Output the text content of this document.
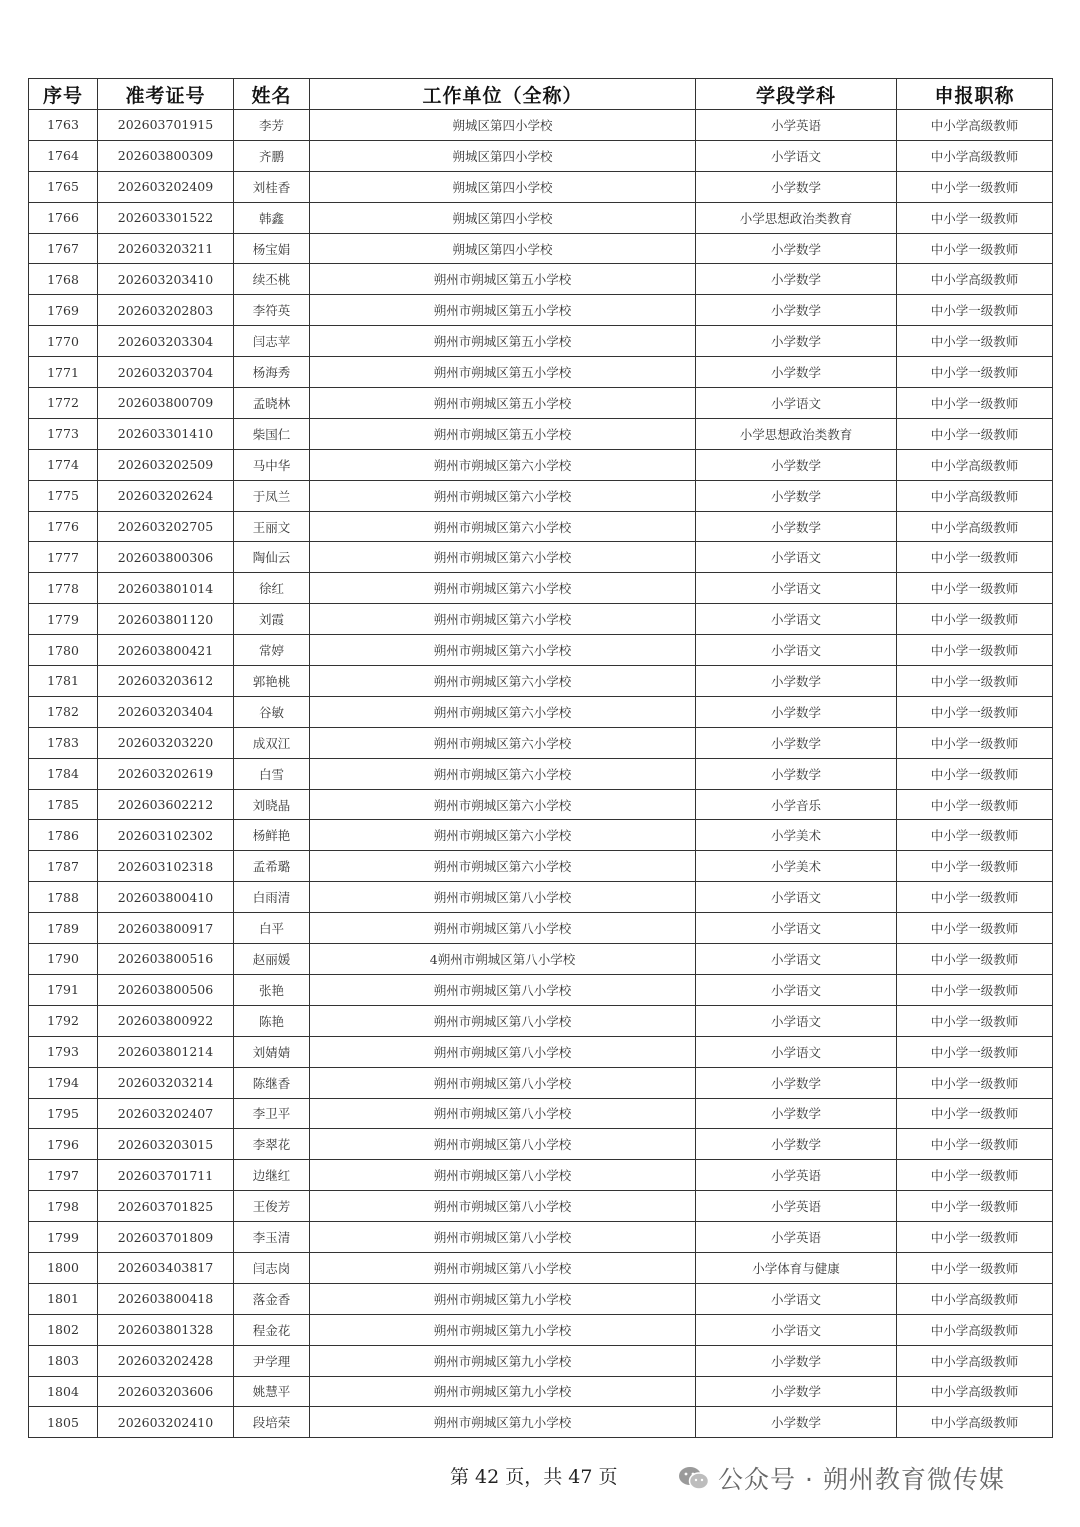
序号	准考证号	姓名	工作单位（全称）	学段学科	申报职称
1763	202603701915	李芳	朔城区第四小学校	小学英语	中小学高级教师
1764	202603800309	齐鹏	朔城区第四小学校	小学语文	中小学高级教师
1765	202603202409	刘桂香	朔城区第四小学校	小学数学	中小学一级教师
1766	202603301522	韩鑫	朔城区第四小学校	小学思想政治类教育	中小学一级教师
1767	202603203211	杨宝娟	朔城区第四小学校	小学数学	中小学一级教师
1768	202603203410	续丕桃	朔州市朔城区第五小学校	小学数学	中小学高级教师
1769	202603202803	李符英	朔州市朔城区第五小学校	小学数学	中小学一级教师
1770	202603203304	闫志苹	朔州市朔城区第五小学校	小学数学	中小学一级教师
1771	202603203704	杨海秀	朔州市朔城区第五小学校	小学数学	中小学一级教师
1772	202603800709	孟晓林	朔州市朔城区第五小学校	小学语文	中小学一级教师
1773	202603301410	柴国仁	朔州市朔城区第五小学校	小学思想政治类教育	中小学一级教师
1774	202603202509	马中华	朔州市朔城区第六小学校	小学数学	中小学高级教师
1775	202603202624	于凤兰	朔州市朔城区第六小学校	小学数学	中小学高级教师
1776	202603202705	王丽文	朔州市朔城区第六小学校	小学数学	中小学高级教师
1777	202603800306	陶仙云	朔州市朔城区第六小学校	小学语文	中小学一级教师
1778	202603801014	徐红	朔州市朔城区第六小学校	小学语文	中小学一级教师
1779	202603801120	刘霞	朔州市朔城区第六小学校	小学语文	中小学一级教师
1780	202603800421	常婷	朔州市朔城区第六小学校	小学语文	中小学一级教师
1781	202603203612	郭艳桃	朔州市朔城区第六小学校	小学数学	中小学一级教师
1782	202603203404	谷敏	朔州市朔城区第六小学校	小学数学	中小学一级教师
1783	202603203220	成双江	朔州市朔城区第六小学校	小学数学	中小学一级教师
1784	202603202619	白雪	朔州市朔城区第六小学校	小学数学	中小学一级教师
1785	202603602212	刘晓晶	朔州市朔城区第六小学校	小学音乐	中小学一级教师
1786	202603102302	杨鲜艳	朔州市朔城区第六小学校	小学美术	中小学一级教师
1787	202603102318	孟希璐	朔州市朔城区第六小学校	小学美术	中小学一级教师
1788	202603800410	白雨清	朔州市朔城区第八小学校	小学语文	中小学一级教师
1789	202603800917	白平	朔州市朔城区第八小学校	小学语文	中小学一级教师
1790	202603800516	赵丽媛	4朔州市朔城区第八小学校	小学语文	中小学一级教师
1791	202603800506	张艳	朔州市朔城区第八小学校	小学语文	中小学一级教师
1792	202603800922	陈艳	朔州市朔城区第八小学校	小学语文	中小学一级教师
1793	202603801214	刘婧婧	朔州市朔城区第八小学校	小学语文	中小学一级教师
1794	202603203214	陈继香	朔州市朔城区第八小学校	小学数学	中小学一级教师
1795	202603202407	李卫平	朔州市朔城区第八小学校	小学数学	中小学一级教师
1796	202603203015	李翠花	朔州市朔城区第八小学校	小学数学	中小学一级教师
1797	202603701711	边继红	朔州市朔城区第八小学校	小学英语	中小学一级教师
1798	202603701825	王俊芳	朔州市朔城区第八小学校	小学英语	中小学一级教师
1799	202603701809	李玉清	朔州市朔城区第八小学校	小学英语	中小学一级教师
1800	202603403817	闫志岗	朔州市朔城区第八小学校	小学体育与健康	中小学一级教师
1801	202603800418	落金香	朔州市朔城区第九小学校	小学语文	中小学高级教师
1802	202603801328	程金花	朔州市朔城区第九小学校	小学语文	中小学高级教师
1803	202603202428	尹学理	朔州市朔城区第九小学校	小学数学	中小学高级教师
1804	202603203606	姚慧平	朔州市朔城区第九小学校	小学数学	中小学高级教师
1805	202603202410	段培荣	朔州市朔城区第九小学校	小学数学	中小学高级教师
第 42 页，共 47 页	公众号 · 朔州教育微传媒
